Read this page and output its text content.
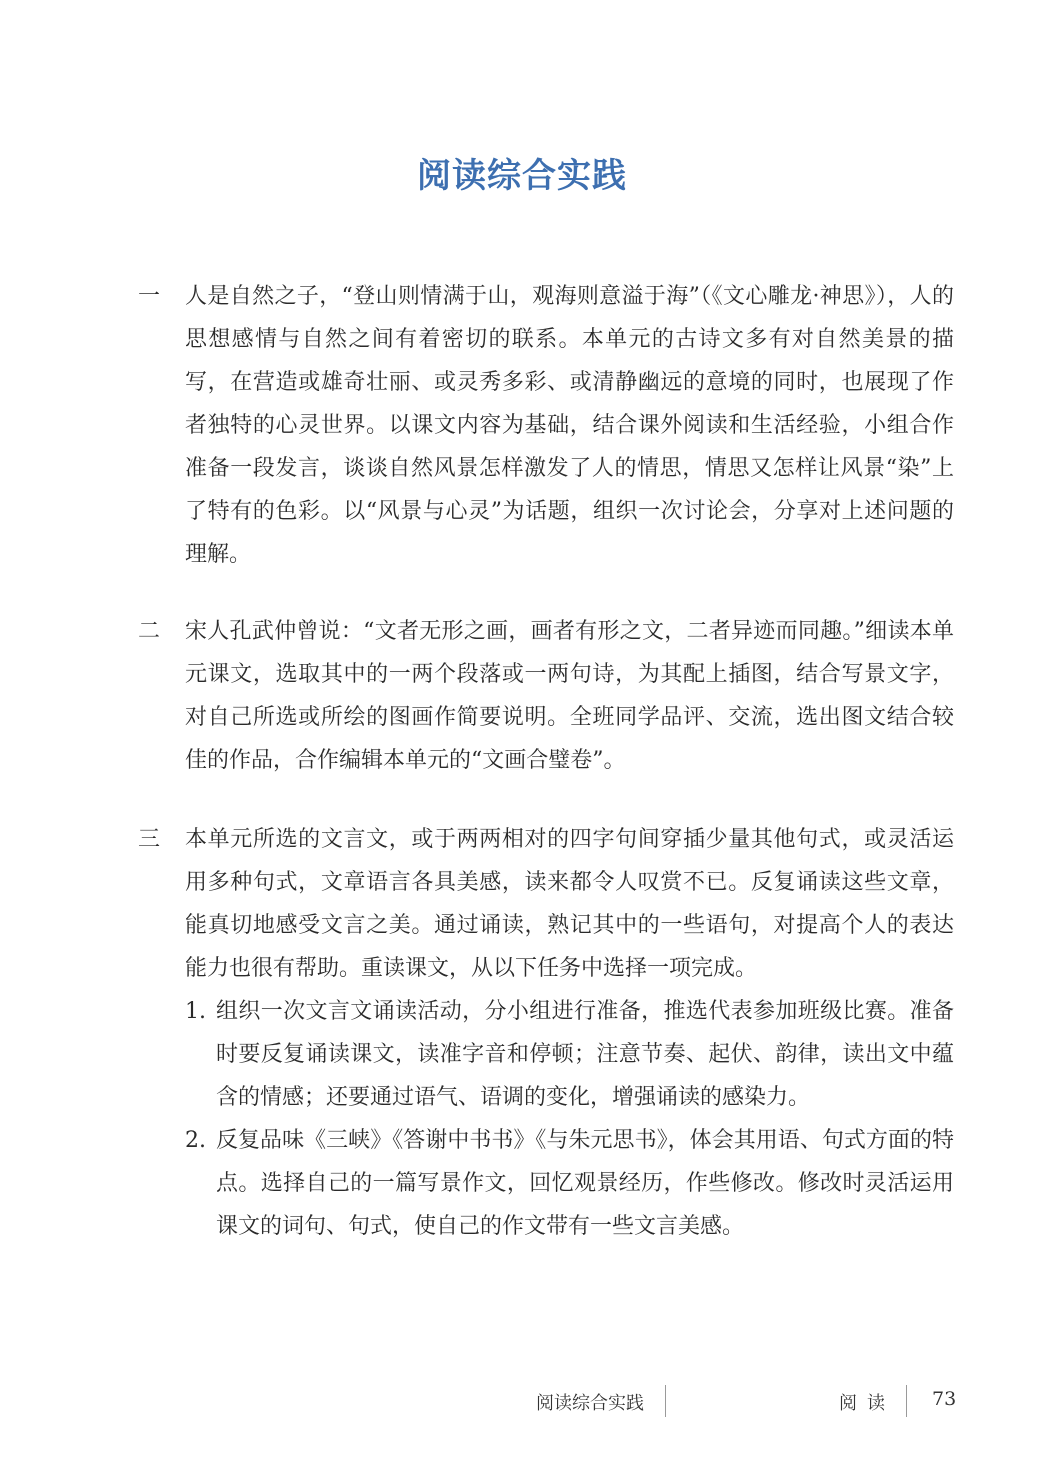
阅读综合实践
一	人是自然之子，“登山则情满于山，观海则意溢于海”（《文心雕龙·神思》），人的思想感情与自然之间有着密切的联系。本单元的古诗文多有对自然美景的描写，在营造或雄奇壮丽、或灵秀多彩、或清静幽远的意境的同时，也展现了作者独特的心灵世界。以课文内容为基础，结合课外阅读和生活经验，小组合作准备一段发言，谈谈自然风景怎样激发了人的情思，情思又怎样让风景“染”上了特有的色彩。以“风景与心灵”为话题，组织一次讨论会，分享对上述问题的理解。
二	宋人孔武仲曾说：“文者无形之画，画者有形之文，二者异迹而同趣。”细读本单元课文，选取其中的一两个段落或一两句诗，为其配上插图，结合写景文字，对自己所选或所绘的图画作简要说明。全班同学品评、交流，选出图文结合较佳的作品，合作编辑本单元的“文画合璧卷”。
三	本单元所选的文言文，或于两两相对的四字句间穿插少量其他句式，或灵活运用多种句式，文章语言各具美感，读来都令人叹赏不已。反复诵读这些文章，能真切地感受文言之美。通过诵读，熟记其中的一些语句，对提高个人的表达能力也很有帮助。重读课文，从以下任务中选择一项完成。
1. 组织一次文言文诵读活动，分小组进行准备，推选代表参加班级比赛。准备时要反复诵读课文，读准字音和停顿；注意节奏、起伏、韵律，读出文中蕴含的情感；还要通过语气、语调的变化，增强诵读的感染力。
2. 反复品味《三峡》《答谢中书书》《与朱元思书》，体会其用语、句式方面的特点。选择自己的一篇写景作文，回忆观景经历，作些修改。修改时灵活运用课文的词句、句式，使自己的作文带有一些文言美感。
阅读综合实践	阅读 73
